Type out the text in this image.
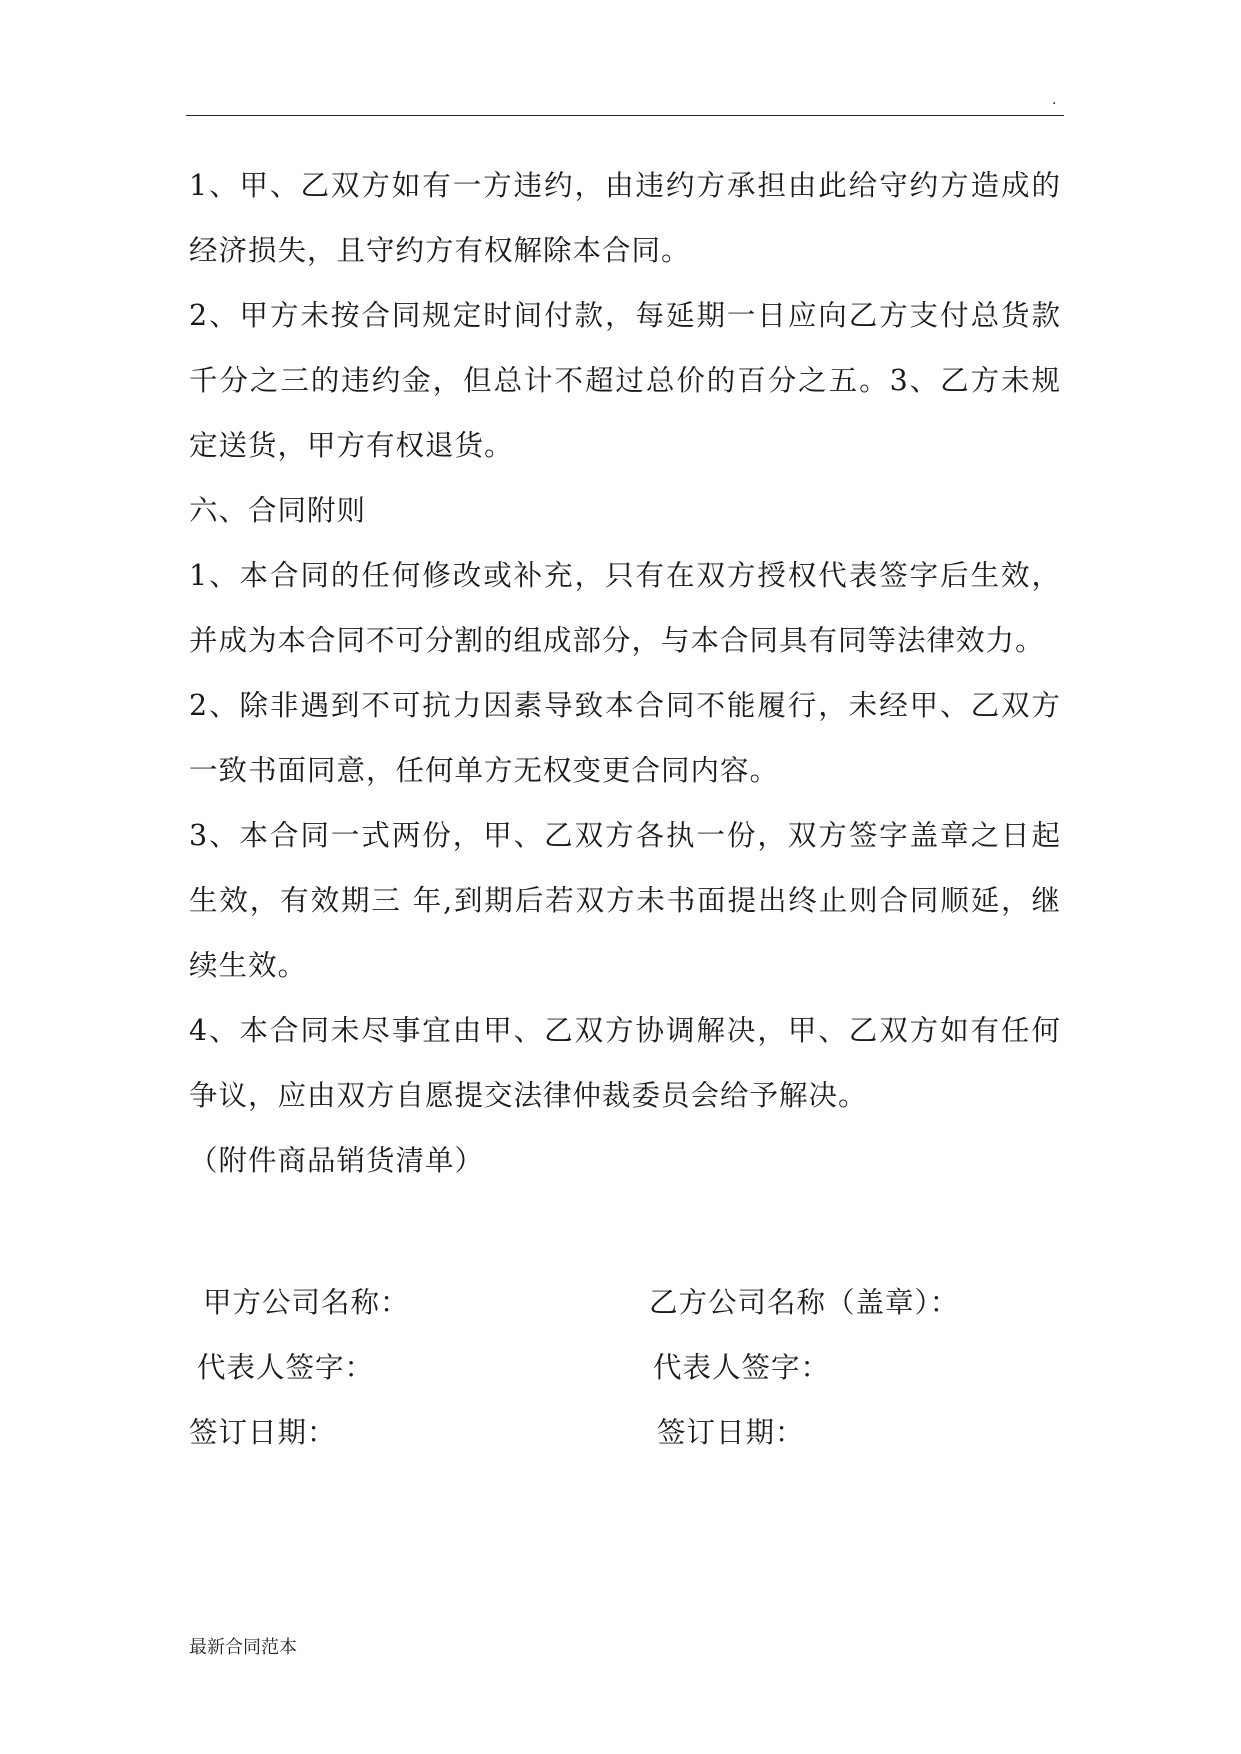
.

1、甲、乙双方如有一方违约，由违约方承担由此给守约方造成的经济损失，且守约方有权解除本合同。

2、甲方未按合同规定时间付款，每延期一日应向乙方支付总货款千分之三的违约金，但总计不超过总价的百分之五。3、乙方未规定送货，甲方有权退货。

六、合同附则

1、本合同的任何修改或补充，只有在双方授权代表签字后生效，并成为本合同不可分割的组成部分，与本合同具有同等法律效力。

2、除非遇到不可抗力因素导致本合同不能履行，未经甲、乙双方一致书面同意，任何单方无权变更合同内容。

3、本合同一式两份，甲、乙双方各执一份，双方签字盖章之日起生效，有效期三 年,到期后若双方未书面提出终止则合同顺延，继续生效。

4、本合同未尽事宜由甲、乙双方协调解决，甲、乙双方如有任何争议，应由双方自愿提交法律仲裁委员会给予解决。

（附件商品销货清单）

甲方公司名称：	乙方公司名称（盖章）：
代表人签字：	代表人签字：
签订日期：	签订日期：
最新合同范本
